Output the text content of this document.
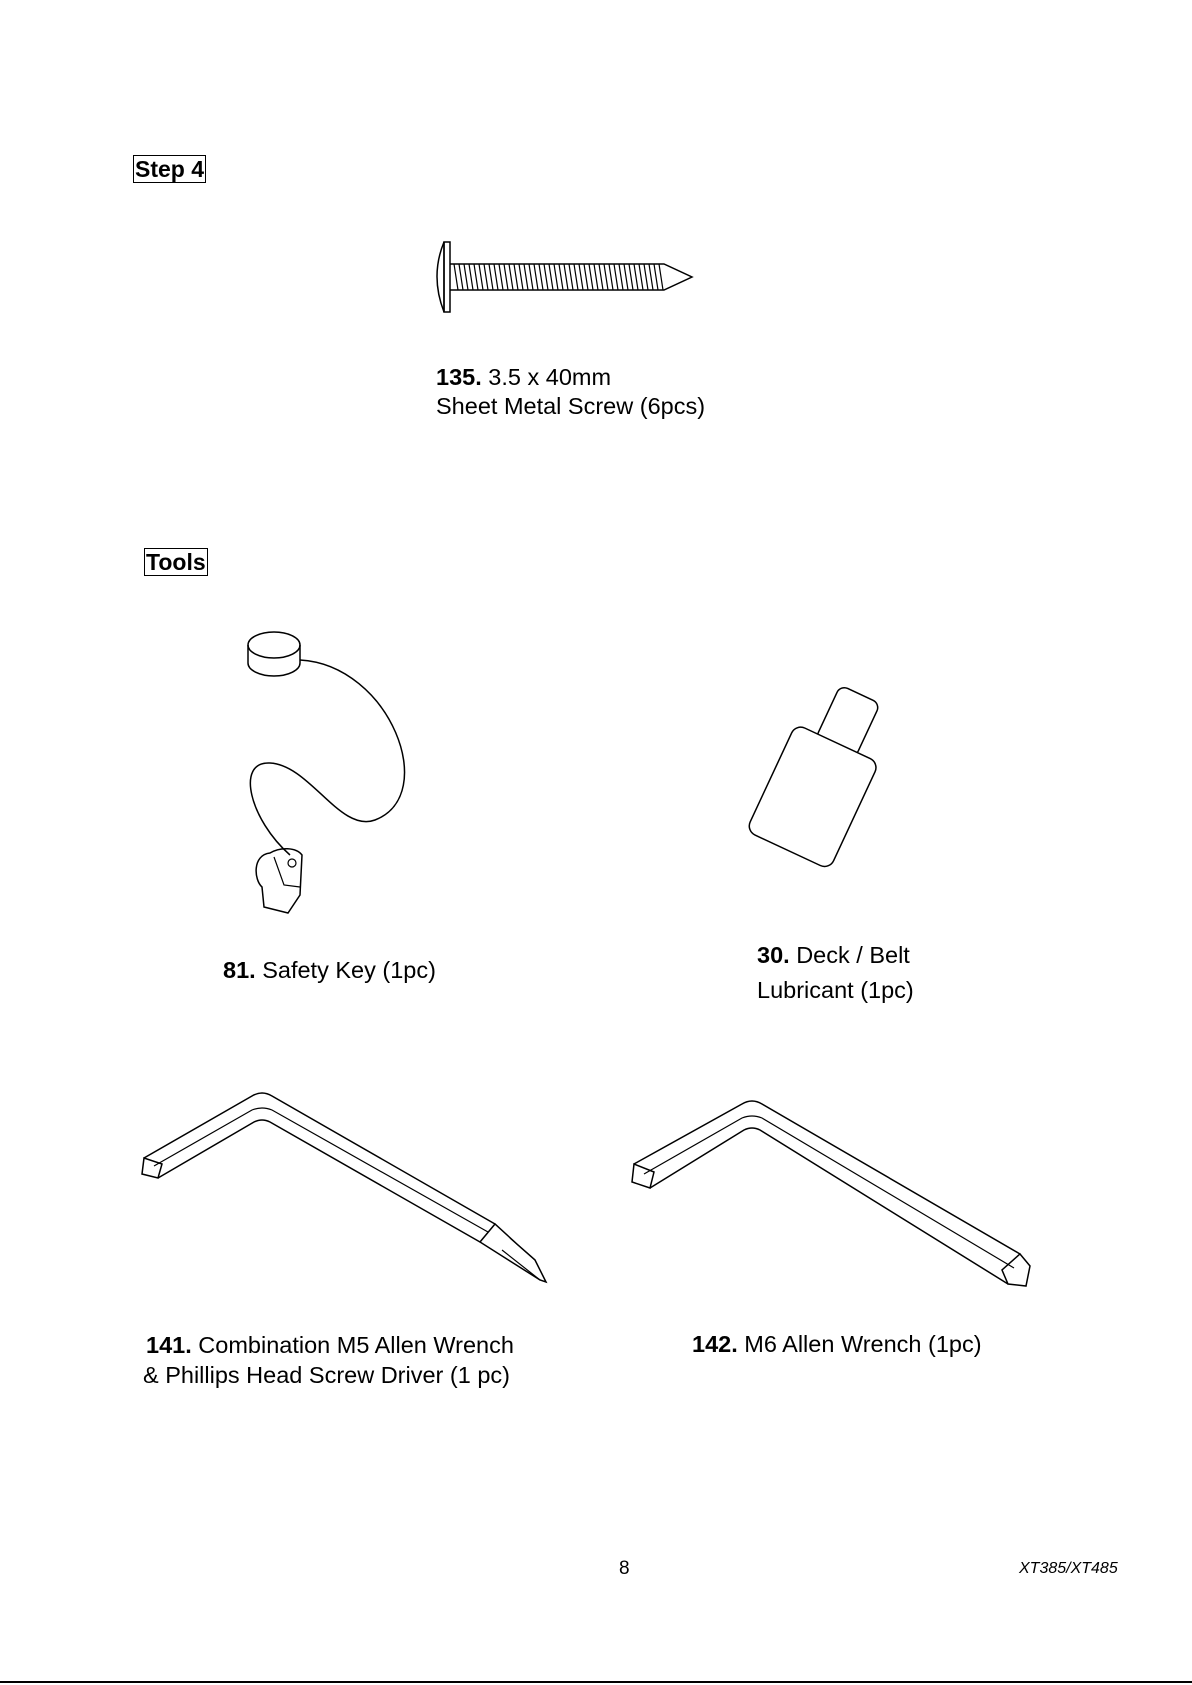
Step 4
Tools
135. 3.5 x 40mm
Sheet Metal Screw (6pcs)
81. Safety Key (1pc)
30. Deck / Belt
Lubricant (1pc)
141. Combination M5 Allen Wrench
& Phillips Head Screw Driver (1 pc)
142. M6 Allen Wrench (1pc)
8	XT385/XT485
